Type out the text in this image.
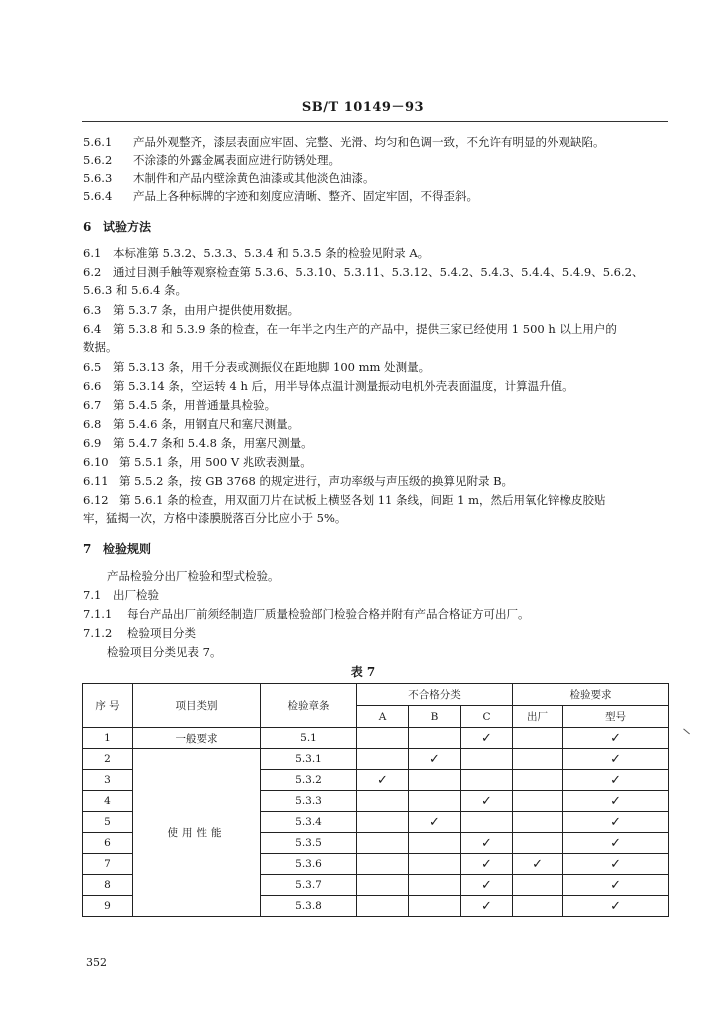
SB/T 10149－93
5.6.1 产品外观整齐，漆层表面应牢固、完整、光滑、均匀和色调一致，不允许有明显的外观缺陷。
5.6.2 不涂漆的外露金属表面应进行防锈处理。
5.6.3 木制件和产品内壁涂黄色油漆或其他淡色油漆。
5.6.4 产品上各种标牌的字迹和刻度应清晰、整齐、固定牢固，不得歪斜。
6 试验方法
6.1 本标准第 5.3.2、5.3.3、5.3.4 和 5.3.5 条的检验见附录 A。
6.2 通过目测手触等观察检查第 5.3.6、5.3.10、5.3.11、5.3.12、5.4.2、5.4.3、5.4.4、5.4.9、5.6.2、
5.6.3 和 5.6.4 条。
6.3 第 5.3.7 条，由用户提供使用数据。
6.4 第 5.3.8 和 5.3.9 条的检查，在一年半之内生产的产品中，提供三家已经使用 1 500 h 以上用户的
数据。
6.5 第 5.3.13 条，用千分表或测振仪在距地脚 100 mm 处测量。
6.6 第 5.3.14 条，空运转 4 h 后，用半导体点温计测量振动电机外壳表面温度，计算温升值。
6.7 第 5.4.5 条，用普通量具检验。
6.8 第 5.4.6 条，用钢直尺和塞尺测量。
6.9 第 5.4.7 条和 5.4.8 条，用塞尺测量。
6.10 第 5.5.1 条，用 500 V 兆欧表测量。
6.11 第 5.5.2 条，按 GB 3768 的规定进行，声功率级与声压级的换算见附录 B。
6.12 第 5.6.1 条的检查，用双面刀片在试板上横竖各划 11 条线，间距 1 m，然后用氧化锌橡皮胶贴
牢，猛揭一次，方格中漆膜脱落百分比应小于 5%。
7 检验规则
产品检验分出厂检验和型式检验。
7.1 出厂检验
7.1.1 每台产品出厂前须经制造厂质量检验部门检验合格并附有产品合格证方可出厂。
7.1.2 检验项目分类
检验项目分类见表 7。
表 7
序 号	项目类别	检验章条	不合格分类			检验要求	
			A	B	C	出厂	型号
1	一般要求	5.1			✓		✓
2	使用性能	5.3.1		✓			✓
3		5.3.2	✓				✓
4		5.3.3			✓		✓
5		5.3.4		✓			✓
6		5.3.5			✓		✓
7		5.3.6			✓	✓	✓
8		5.3.7			✓		✓
9		5.3.8			✓		✓
352
